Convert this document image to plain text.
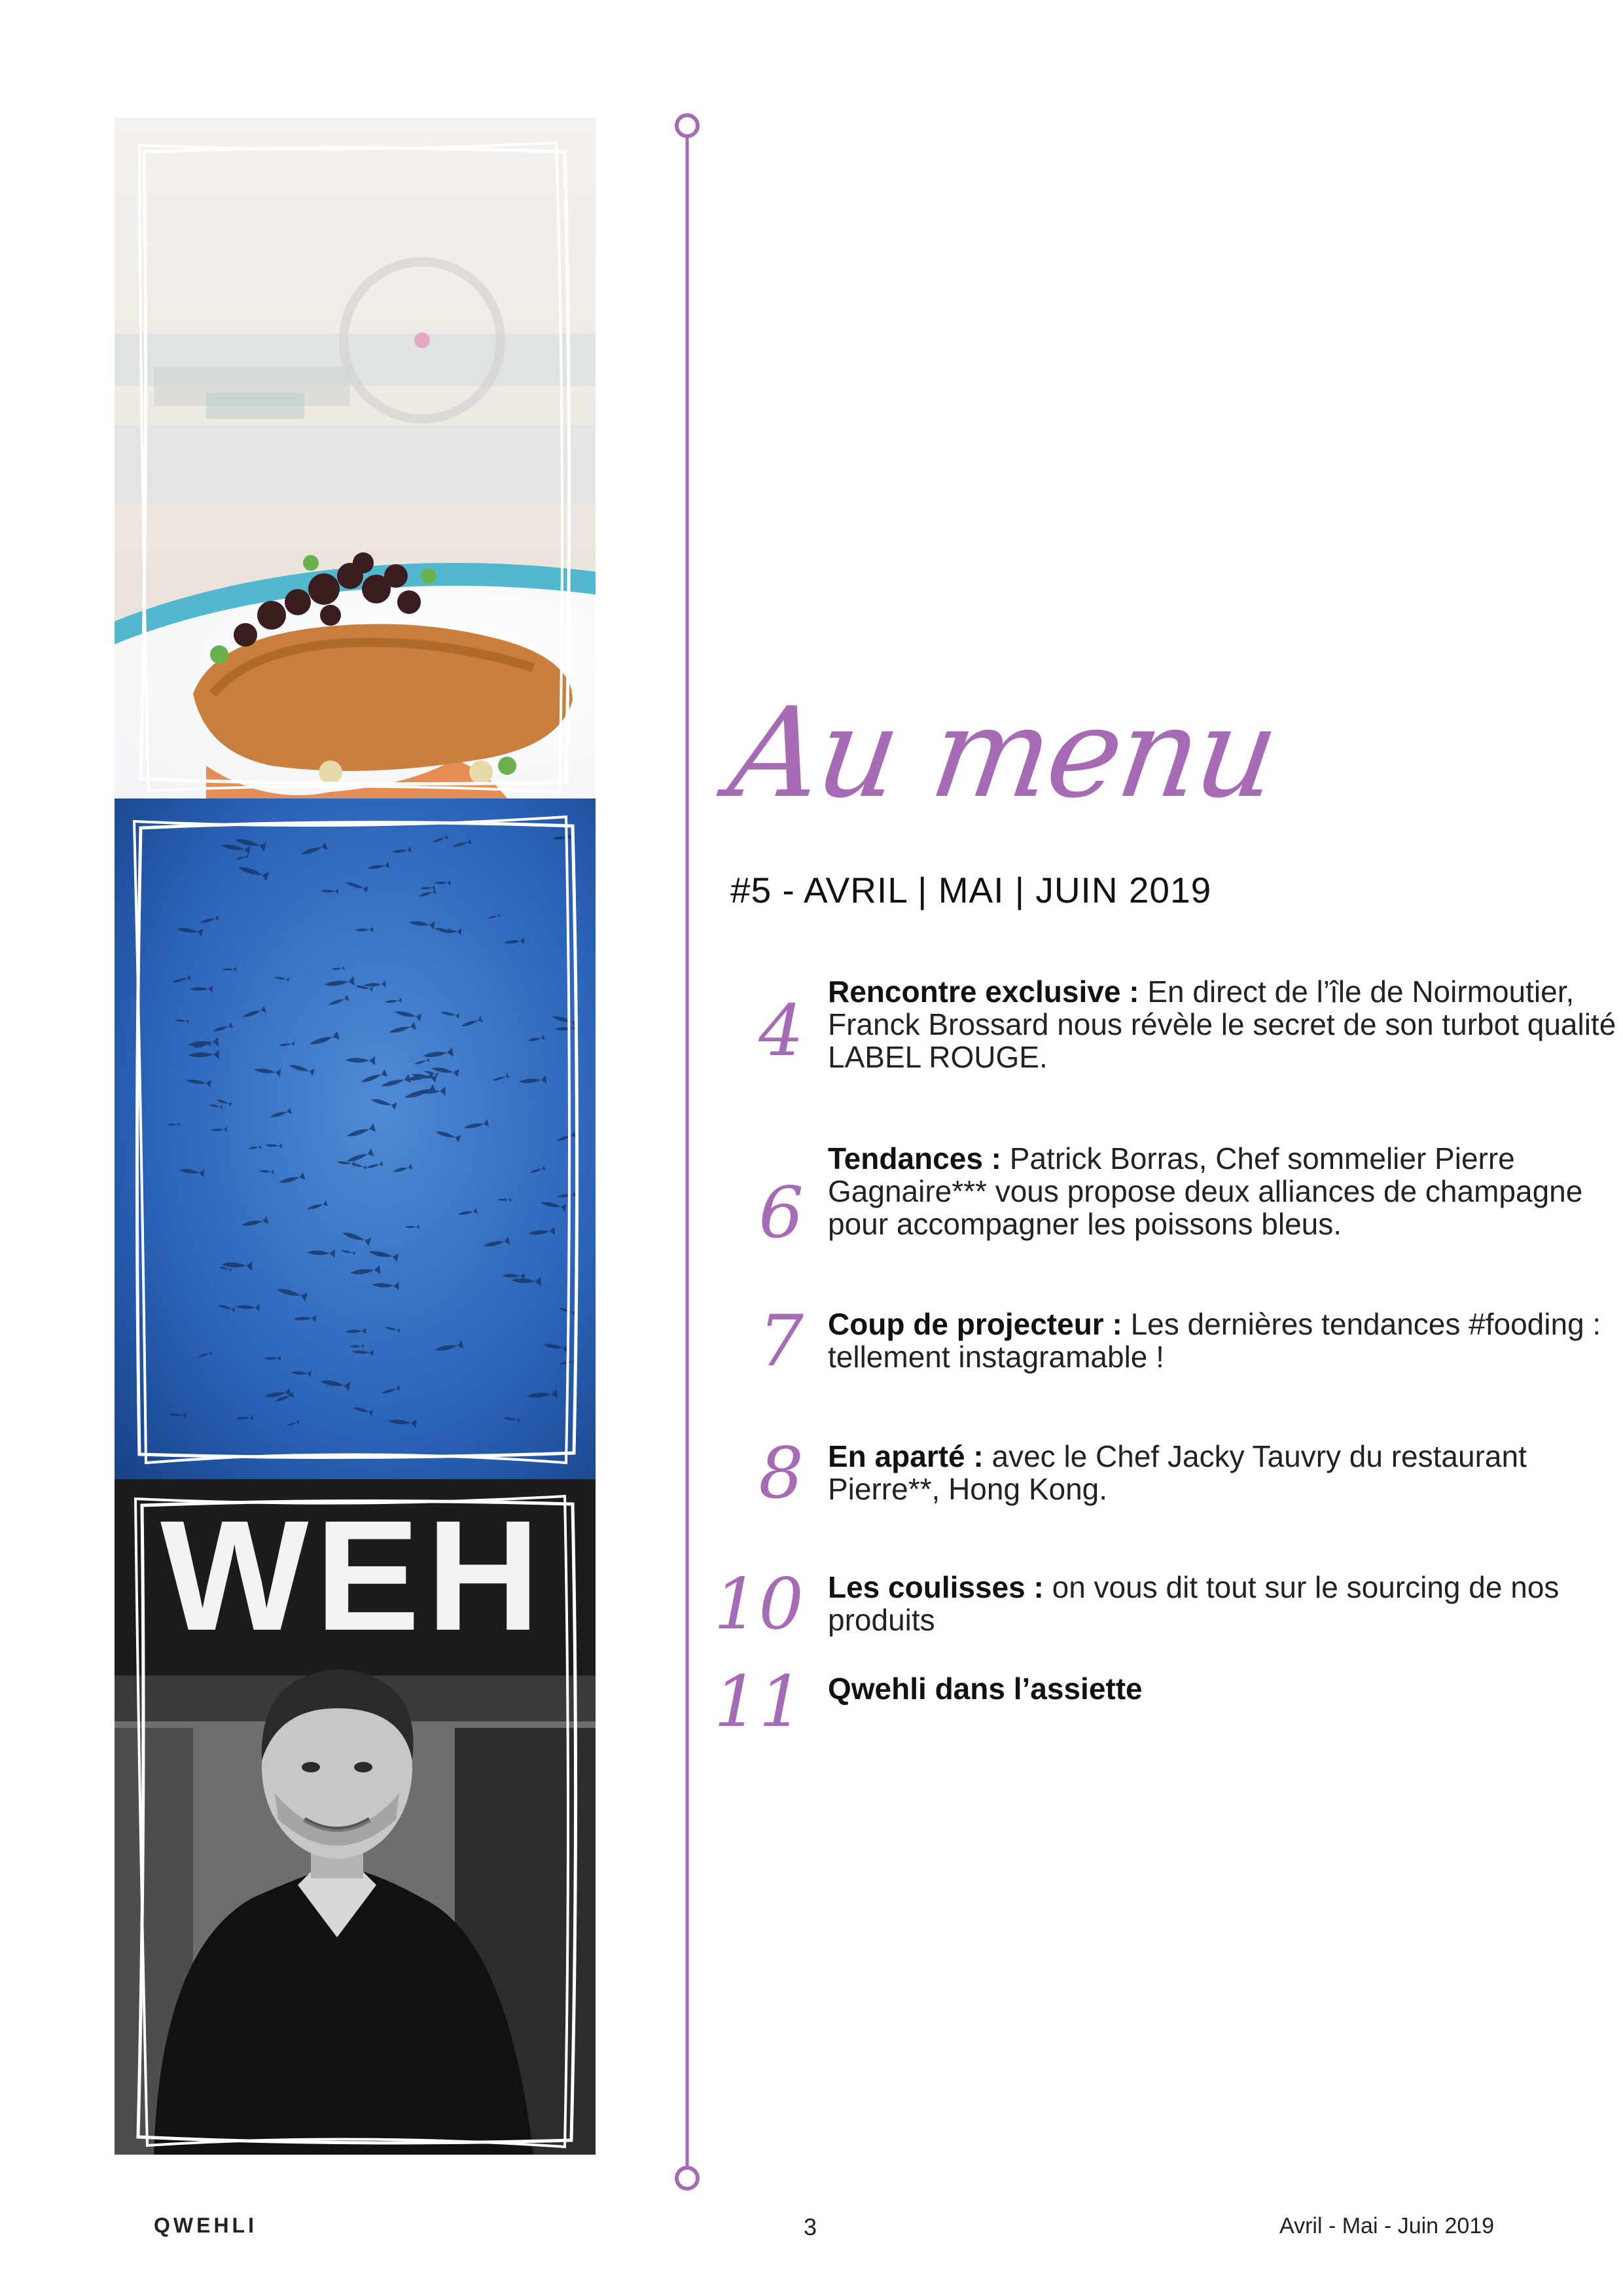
WEH
Au menu
#5 - AVRIL | MAI | JUIN 2019
4 Rencontre exclusive : En direct de l’île de Noirmoutier, Franck Brossard nous révèle le secret de son turbot qualité LABEL ROUGE.
6
Tendances : Patrick Borras, Chef sommelier Pierre Gagnaire*** vous propose deux alliances de champagne pour accompagner les poissons bleus.
7 Coup de projecteur : Les dernières tendances #fooding : tellement instagramable !
8 En aparté : avec le Chef Jacky Tauvry du restaurant Pierre**, Hong Kong.
10 Les coulisses : on vous dit tout sur le sourcing de nos produits
11 Qwehli dans l’assiette
QWEHLI	3	Avril - Mai - Juin 2019
